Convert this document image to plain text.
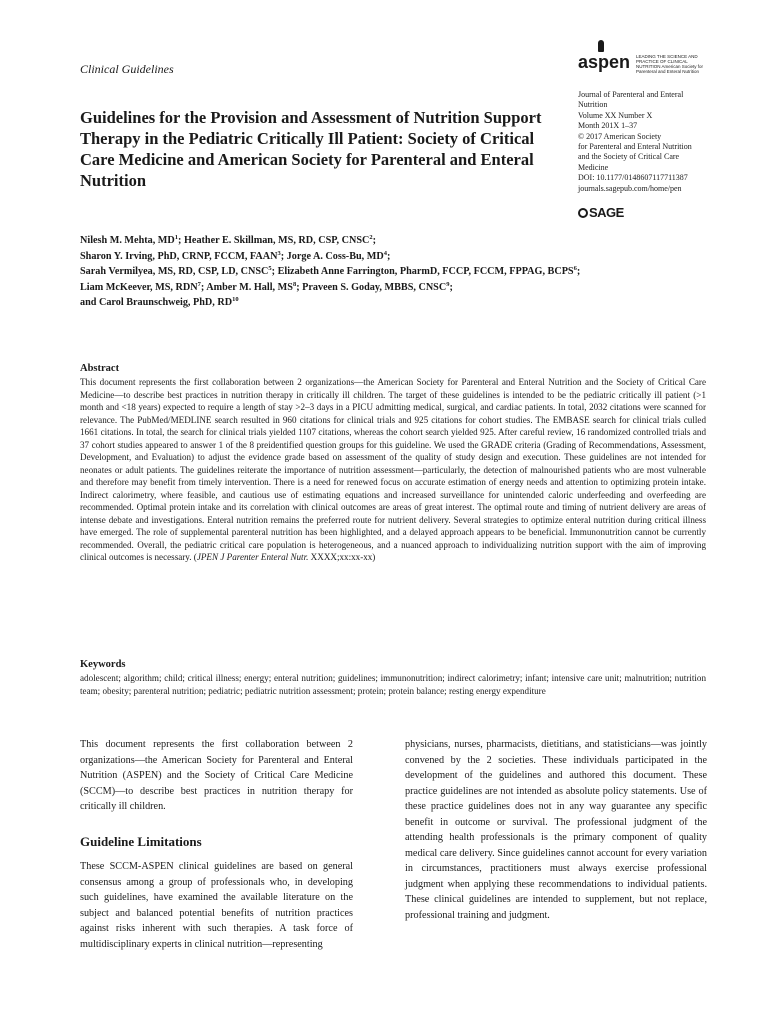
Clinical Guidelines	aspen LEADING THE SCIENCE AND PRACTICE OF CLINICAL NUTRITION American Society for Parenteral and Enteral Nutrition
Guidelines for the Provision and Assessment of Nutrition Support Therapy in the Pediatric Critically Ill Patient: Society of Critical Care Medicine and American Society for Parenteral and Enteral Nutrition
Journal of Parenteral and Enteral
Nutrition
Volume XX Number X
Month 201X 1–37
© 2017 American Society
for Parenteral and Enteral Nutrition
and the Society of Critical Care
Medicine
DOI: 10.1177/0148607117711387
journals.sagepub.com/home/pen
SAGE
Nilesh M. Mehta, $MD^1$; Heather E. Skillman, MS, RD, CSP, CNSC$^2$;
Sharon Y. Irving, PhD, CRNP, FCCM, FAAN$^3$; Jorge A. Coss-Bu, $MD^4$;
Sarah Vermilyea, MS, RD, CSP, LD, CNSC$^5$; Elizabeth Anne Farrington, PharmD, FCCP, FCCM, FPPAG, BCPS$^6$;
Liam McKeever, MS, RDN$^7$; Amber M. Hall, $MS^8$; Praveen S. Goday, MBBS, CNSC$^9$;
and Carol Braunschweig, PhD, RD$^{10}$
Abstract
This document represents the first collaboration between 2 organizations—the American Society for Parenteral and Enteral Nutrition and the Society of Critical Care Medicine—to describe best practices in nutrition therapy in critically ill children. The target of these guidelines is intended to be the pediatric critically ill patient (>1 month and <18 years) expected to require a length of stay >2–3 days in a PICU admitting medical, surgical, and cardiac patients. In total, 2032 citations were scanned for relevance. The PubMed/MEDLINE search resulted in 960 citations for clinical trials and 925 citations for cohort studies. The EMBASE search for clinical trials culled 1661 citations. In total, the search for clinical trials yielded 1107 citations, whereas the cohort search yielded 925. After careful review, 16 randomized controlled trials and 37 cohort studies appeared to answer 1 of the 8 preidentified question groups for this guideline. We used the GRADE criteria (Grading of Recommendations, Assessment, Development, and Evaluation) to adjust the evidence grade based on assessment of the quality of study design and execution. These guidelines are not intended for neonates or adult patients. The guidelines reiterate the importance of nutrition assessment—particularly, the detection of malnourished patients who are most vulnerable and therefore may benefit from timely intervention. There is a need for renewed focus on accurate estimation of energy needs and attention to optimizing protein intake. Indirect calorimetry, where feasible, and cautious use of estimating equations and increased surveillance for unintended caloric underfeeding and overfeeding are recommended. Optimal protein intake and its correlation with clinical outcomes are areas of great interest. The optimal route and timing of nutrient delivery are areas of intense debate and investigations. Enteral nutrition remains the preferred route for nutrient delivery. Several strategies to optimize enteral nutrition during critical illness have emerged. The role of supplemental parenteral nutrition has been highlighted, and a delayed approach appears to be beneficial. Immunonutrition cannot be currently recommended. Overall, the pediatric critical care population is heterogeneous, and a nuanced approach to individualizing nutrition support with the aim of improving clinical outcomes is necessary. (JPEN J Parenter Enteral Nutr. XXXX;xx:xx-xx)
Keywords
adolescent; algorithm; child; critical illness; energy; enteral nutrition; guidelines; immunonutrition; indirect calorimetry; infant; intensive care unit; malnutrition; nutrition team; obesity; parenteral nutrition; pediatric; pediatric nutrition assessment; protein; protein balance; resting energy expenditure
This document represents the first collaboration between 2 organizations—the American Society for Parenteral and Enteral Nutrition (ASPEN) and the Society of Critical Care Medicine (SCCM)—to describe best practices in nutrition therapy for critically ill children.
Guideline Limitations
These SCCM-ASPEN clinical guidelines are based on general consensus among a group of professionals who, in developing such guidelines, have examined the available literature on the subject and balanced potential benefits of nutrition practices against risks inherent with such therapies. A task force of multidisciplinary experts in clinical nutrition—representing
physicians, nurses, pharmacists, dietitians, and statisticians—was jointly convened by the 2 societies. These individuals participated in the development of the guidelines and authored this document. These practice guidelines are not intended as absolute policy statements. Use of these practice guidelines does not in any way guarantee any specific benefit in outcome or survival. The professional judgment of the attending health professionals is the primary component of quality medical care delivery. Since guidelines cannot account for every variation in circumstances, practitioners must always exercise professional judgment when applying these recommendations to individual patients. These clinical guidelines are intended to supplement, but not replace, professional training and judgment.
